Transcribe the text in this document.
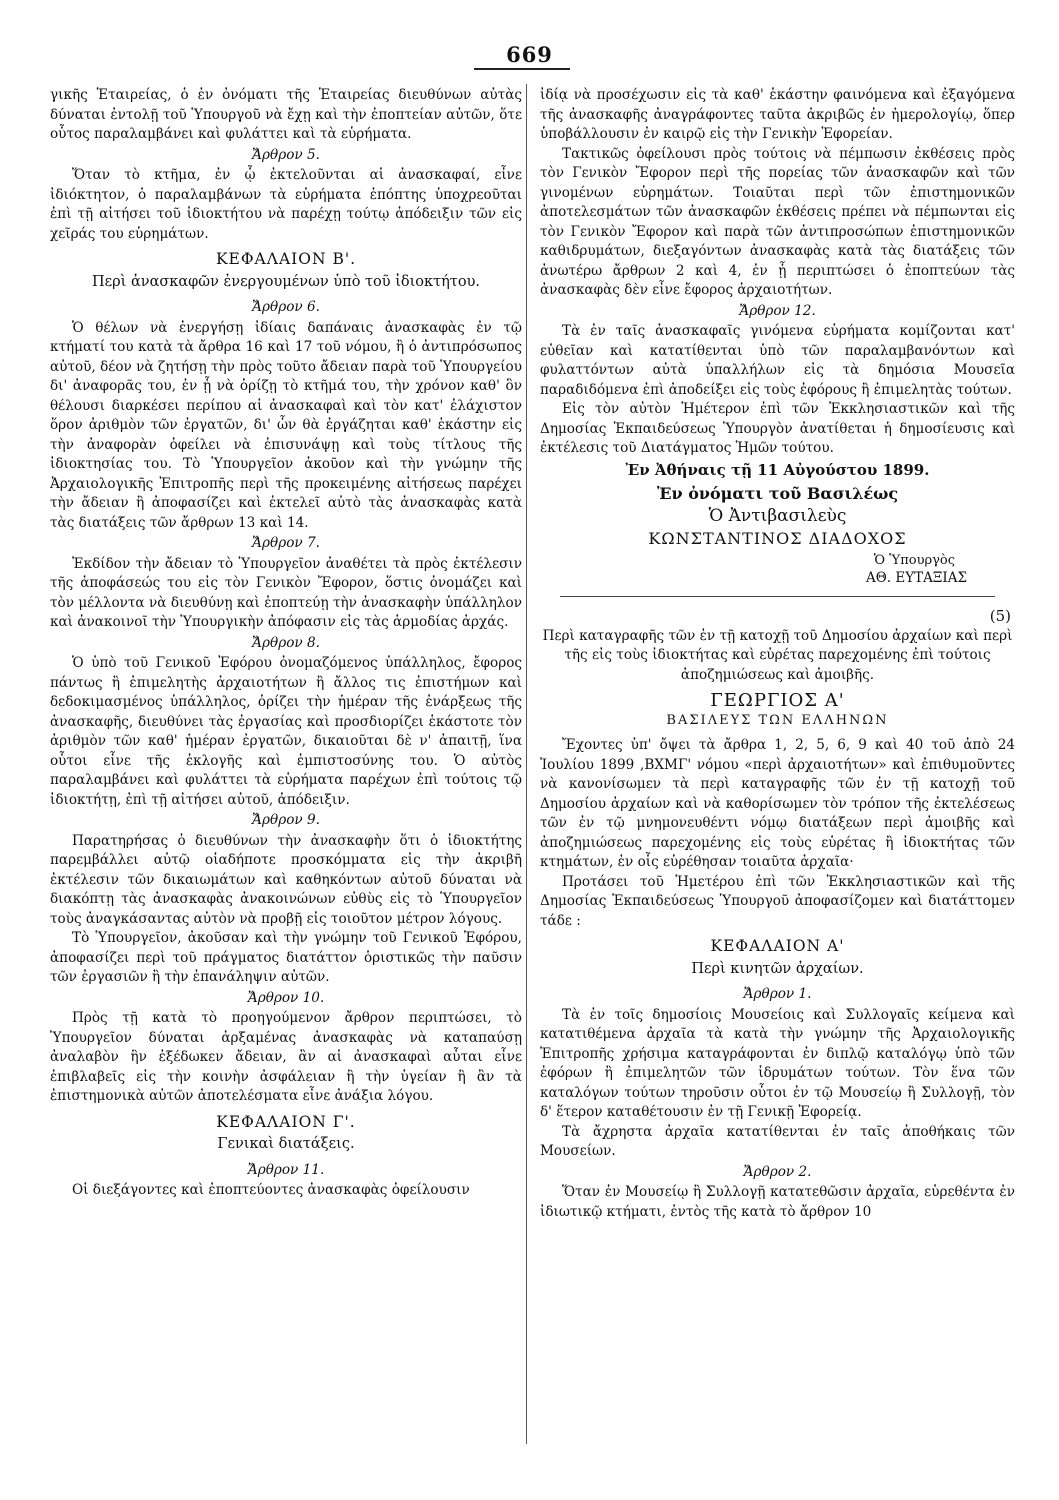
669

γικῆς Ἑταιρείας, ὁ ἐν ὀνόματι τῆς Ἑταιρείας διευθύνων αὐτὰς δύναται ἐντολῇ τοῦ Ὑπουργοῦ νὰ ἔχῃ καὶ τὴν ἐποπτείαν αὐτῶν, ὅτε οὗτος παραλαμβάνει καὶ φυλάττει καὶ τὰ εὑρήματα.

Ἄρθρον 5.

Ὅταν τὸ κτῆμα, ἐν ᾧ ἐκτελοῦνται αἱ ἀνασκαφαί, εἶνε ἰδιόκτητον, ὁ παραλαμβάνων τὰ εὑρήματα ἐπόπτης ὑποχρεοῦται ἐπὶ τῇ αἰτήσει τοῦ ἰδιοκτήτου νὰ παρέχῃ τούτῳ ἀπόδειξιν τῶν εἰς χεῖράς του εὑρημάτων.

ΚΕΦΑΛΑΙΟΝ Β'.
Περὶ ἀνασκαφῶν ἐνεργουμένων ὑπὸ τοῦ ἰδιοκτήτου.
Ἄρθρον 6.

Ὁ θέλων νὰ ἐνεργήσῃ ἰδίαις δαπάναις ἀνασκαφὰς ἐν τῷ κτήματί του κατὰ τὰ ἄρθρα 16 καὶ 17 τοῦ νόμου, ἢ ὁ ἀντιπρόσωπος αὐτοῦ, δέον νὰ ζητήσῃ τὴν πρὸς τοῦτο ἄδειαν παρὰ τοῦ Ὑπουργείου δι' ἀναφορᾶς του, ἐν ᾗ νὰ ὁρίζῃ τὸ κτῆμά του, τὴν χρόνον καθ' ὃν θέλουσι διαρκέσει περίπου αἱ ἀνασκαφαὶ καὶ τὸν κατ' ἐλάχιστον ὅρον ἀριθμὸν τῶν ἐργατῶν, δι' ὧν θὰ ἐργάζηται καθ' ἑκάστην εἰς τὴν ἀναφορὰν ὀφείλει νὰ ἐπισυνάψῃ καὶ τοὺς τίτλους τῆς ἰδιοκτησίας του. Τὸ Ὑπουργεῖον ἀκοῦον καὶ τὴν γνώμην τῆς Ἀρχαιολογικῆς Ἐπιτροπῆς περὶ τῆς προκειμένης αἰτήσεως παρέχει τὴν ἄδειαν ἢ ἀποφασίζει καὶ ἐκτελεῖ αὐτὸ τὰς ἀνασκαφὰς κατὰ τὰς διατάξεις τῶν ἄρθρων 13 καὶ 14.

Ἄρθρον 7.

Ἐκδίδον τὴν ἄδειαν τὸ Ὑπουργεῖον ἀναθέτει τὰ πρὸς ἐκτέλεσιν τῆς ἀποφάσεώς του εἰς τὸν Γενικὸν Ἔφορον, ὅστις ὀνομάζει καὶ τὸν μέλλοντα νὰ διευθύνῃ καὶ ἐποπτεύῃ τὴν ἀνασκαφὴν ὑπάλληλον καὶ ἀνακοινοῖ τὴν Ὑπουργικὴν ἀπόφασιν εἰς τὰς ἁρμοδίας ἀρχάς.

Ἄρθρον 8.

Ὁ ὑπὸ τοῦ Γενικοῦ Ἐφόρου ὀνομαζόμενος ὑπάλληλος, ἔφορος πάντως ἢ ἐπιμελητὴς ἀρχαιοτήτων ἢ ἄλλος τις ἐπιστήμων καὶ δεδοκιμασμένος ὑπάλληλος, ὁρίζει τὴν ἡμέραν τῆς ἐνάρξεως τῆς ἀνασκαφῆς, διευθύνει τὰς ἐργασίας καὶ προσδιορίζει ἑκάστοτε τὸν ἀριθμὸν τῶν καθ' ἡμέραν ἐργατῶν, δικαιοῦται δὲ ν' ἀπαιτῇ, ἵνα οὗτοι εἶνε τῆς ἐκλογῆς καὶ ἐμπιστοσύνης του. Ὁ αὐτὸς παραλαμβάνει καὶ φυλάττει τὰ εὑρήματα παρέχων ἐπὶ τούτοις τῷ ἰδιοκτήτῃ, ἐπὶ τῇ αἰτήσει αὐτοῦ, ἀπόδειξιν.

Ἄρθρον 9.

Παρατηρήσας ὁ διευθύνων τὴν ἀνασκαφὴν ὅτι ὁ ἰδιοκτήτης παρεμβάλλει αὐτῷ οἱαδήποτε προσκόμματα εἰς τὴν ἀκριβῆ ἐκτέλεσιν τῶν δικαιωμάτων καὶ καθηκόντων αὐτοῦ δύναται νὰ διακόπτῃ τὰς ἀνασκαφὰς ἀνακοινώνων εὐθὺς εἰς τὸ Ὑπουργεῖον τοὺς ἀναγκάσαντας αὐτὸν νὰ προβῇ εἰς τοιοῦτον μέτρον λόγους.

Τὸ Ὑπουργεῖον, ἀκοῦσαν καὶ τὴν γνώμην τοῦ Γενικοῦ Ἐφόρου, ἀποφασίζει περὶ τοῦ πράγματος διατάττον ὁριστικῶς τὴν παῦσιν τῶν ἐργασιῶν ἢ τὴν ἐπανάληψιν αὐτῶν.

Ἄρθρον 10.

Πρὸς τῇ κατὰ τὸ προηγούμενον ἄρθρον περιπτώσει, τὸ Ὑπουργεῖον δύναται ἀρξαμένας ἀνασκαφὰς νὰ καταπαύσῃ ἀναλαβὸν ἣν ἐξέδωκεν ἄδειαν, ἂν αἱ ἀνασκαφαὶ αὗται εἶνε ἐπιβλαβεῖς εἰς τὴν κοινὴν ἀσφάλειαν ἢ τὴν ὑγείαν ἢ ἂν τὰ ἐπιστημονικὰ αὐτῶν ἀποτελέσματα εἶνε ἀνάξια λόγου.

ΚΕΦΑΛΑΙΟΝ Γ'.
Γενικαὶ διατάξεις.
Ἄρθρον 11.

Οἱ διεξάγοντες καὶ ἐποπτεύοντες ἀνασκαφὰς ὀφείλουσιν

ἰδίᾳ νὰ προσέχωσιν εἰς τὰ καθ' ἑκάστην φαινόμενα καὶ ἐξαγόμενα τῆς ἀνασκαφῆς ἀναγράφοντες ταῦτα ἀκριβῶς ἐν ἡμερολογίῳ, ὅπερ ὑποβάλλουσιν ἐν καιρῷ εἰς τὴν Γενικὴν Ἐφορείαν.

Τακτικῶς ὀφείλουσι πρὸς τούτοις νὰ πέμπωσιν ἐκθέσεις πρὸς τὸν Γενικὸν Ἔφορον περὶ τῆς πορείας τῶν ἀνασκαφῶν καὶ τῶν γινομένων εὑρημάτων. Τοιαῦται περὶ τῶν ἐπιστημονικῶν ἀποτελεσμάτων τῶν ἀνασκαφῶν ἐκθέσεις πρέπει νὰ πέμπωνται εἰς τὸν Γενικὸν Ἔφορον καὶ παρὰ τῶν ἀντιπροσώπων ἐπιστημονικῶν καθιδρυμάτων, διεξαγόντων ἀνασκαφὰς κατὰ τὰς διατάξεις τῶν ἀνωτέρω ἄρθρων 2 καὶ 4, ἐν ᾗ περιπτώσει ὁ ἐποπτεύων τὰς ἀνασκαφὰς δὲν εἶνε ἔφορος ἀρχαιοτήτων.

Ἄρθρον 12.

Τὰ ἐν ταῖς ἀνασκαφαῖς γινόμενα εὑρήματα κομίζονται κατ' εὐθεῖαν καὶ κατατίθενται ὑπὸ τῶν παραλαμβανόντων καὶ φυλαττόντων αὐτὰ ὑπαλλήλων εἰς τὰ δημόσια Μουσεῖα παραδιδόμενα ἐπὶ ἀποδείξει εἰς τοὺς ἐφόρους ἢ ἐπιμελητὰς τούτων.

Εἰς τὸν αὐτὸν Ἡμέτερον ἐπὶ τῶν Ἐκκλησιαστικῶν καὶ τῆς Δημοσίας Ἐκπαιδεύσεως Ὑπουργὸν ἀνατίθεται ἡ δημοσίευσις καὶ ἐκτέλεσις τοῦ Διατάγματος Ἡμῶν τούτου.

Ἐν Ἀθήναις τῇ 11 Αὐγούστου 1899.
Ἐν ὀνόματι τοῦ Βασιλέως
Ὁ Ἀντιβασιλεὺς
ΚΩΝΣΤΑΝΤΙΝΟΣ ΔΙΑΔΟΧΟΣ
Ὁ Ὑπουργὸς
ΑΘ. ΕΥΤΑΞΙΑΣ
(5)
Περὶ καταγραφῆς τῶν ἐν τῇ κατοχῇ τοῦ Δημοσίου ἀρχαίων καὶ περὶ τῆς εἰς τοὺς ἰδιοκτήτας καὶ εὑρέτας παρεχομένης ἐπὶ τούτοις ἀποζημιώσεως καὶ ἀμοιβῆς.
ΓΕΩΡΓΙΟΣ Α'
ΒΑΣΙΛΕΥΣ ΤΩΝ ΕΛΛΗΝΩΝ

Ἔχοντες ὑπ' ὄψει τὰ ἄρθρα 1, 2, 5, 6, 9 καὶ 40 τοῦ ἀπὸ 24 Ἰουλίου 1899 ,ΒΧΜΓ' νόμου «περὶ ἀρχαιοτήτων» καὶ ἐπιθυμοῦντες νὰ κανονίσωμεν τὰ περὶ καταγραφῆς τῶν ἐν τῇ κατοχῇ τοῦ Δημοσίου ἀρχαίων καὶ νὰ καθορίσωμεν τὸν τρόπον τῆς ἐκτελέσεως τῶν ἐν τῷ μνημονευθέντι νόμῳ διατάξεων περὶ ἀμοιβῆς καὶ ἀποζημιώσεως παρεχομένης εἰς τοὺς εὑρέτας ἢ ἰδιοκτήτας τῶν κτημάτων, ἐν οἷς εὑρέθησαν τοιαῦτα ἀρχαῖα·

Προτάσει τοῦ Ἡμετέρου ἐπὶ τῶν Ἐκκλησιαστικῶν καὶ τῆς Δημοσίας Ἐκπαιδεύσεως Ὑπουργοῦ ἀποφασίζομεν καὶ διατάττομεν τάδε :

ΚΕΦΑΛΑΙΟΝ Α'
Περὶ κινητῶν ἀρχαίων.
Ἄρθρον 1.

Τὰ ἐν τοῖς δημοσίοις Μουσείοις καὶ Συλλογαῖς κείμενα καὶ κατατιθέμενα ἀρχαῖα τὰ κατὰ τὴν γνώμην τῆς Ἀρχαιολογικῆς Ἐπιτροπῆς χρήσιμα καταγράφονται ἐν διπλῷ καταλόγῳ ὑπὸ τῶν ἐφόρων ἢ ἐπιμελητῶν τῶν ἱδρυμάτων τούτων. Τὸν ἕνα τῶν καταλόγων τούτων τηροῦσιν οὗτοι ἐν τῷ Μουσείῳ ἢ Συλλογῇ, τὸν δ' ἕτερον καταθέτουσιν ἐν τῇ Γενικῇ Ἐφορείᾳ.

Τὰ ἄχρηστα ἀρχαῖα κατατίθενται ἐν ταῖς ἀποθήκαις τῶν Μουσείων.

Ἄρθρον 2.

Ὅταν ἐν Μουσείῳ ἢ Συλλογῇ κατατεθῶσιν ἀρχαῖα, εὑρεθέντα ἐν ἰδιωτικῷ κτήματι, ἐντὸς τῆς κατὰ τὸ ἄρθρον 10
